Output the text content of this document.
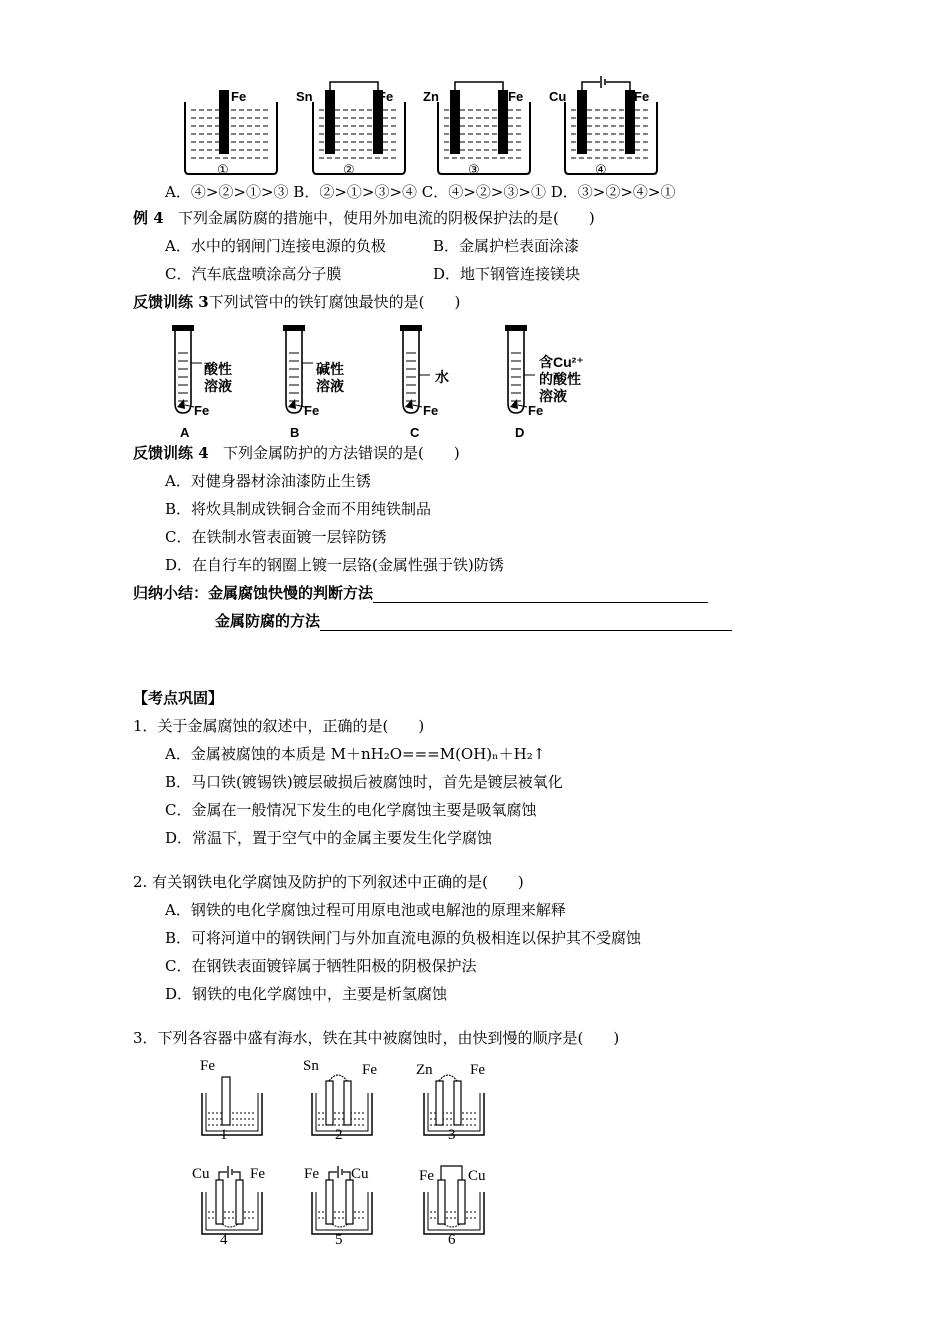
Fe	Sn	Fe Zn	Fe Cu	Fe
①	②	③	④
A．④>②>①>③ B．②>①>③>④ C．④>②>③>① D．③>②>④>①
例 4 下列金属防腐的措施中，使用外加电流的阴极保护法的是(　　)
A．水中的钢闸门连接电源的负极	B．金属护栏表面涂漆
C．汽车底盘喷涂高分子膜	D．地下钢管连接镁块
反馈训练 3下列试管中的铁钉腐蚀最快的是(　　)
酸性
溶液
Fe
A
碱性
溶液
Fe
B
水
Fe
C
含Cu²⁺
的酸性
溶液
Fe
D
反馈训练 4 下列金属防护的方法错误的是(　　)
A．对健身器材涂油漆防止生锈
B．将炊具制成铁铜合金而不用纯铁制品
C．在铁制水管表面镀一层锌防锈
D．在自行车的钢圈上镀一层铬(金属性强于铁)防锈
归纳小结：金属腐蚀快慢的判断方法
金属防腐的方法
【考点巩固】
1．关于金属腐蚀的叙述中，正确的是(　　)
A．金属被腐蚀的本质是 M＋nH₂O===M(OH)ₙ＋H₂↑
B．马口铁(镀锡铁)镀层破损后被腐蚀时，首先是镀层被氧化
C．金属在一般情况下发生的电化学腐蚀主要是吸氧腐蚀
D．常温下，置于空气中的金属主要发生化学腐蚀
2. 有关钢铁电化学腐蚀及防护的下列叙述中正确的是(　　)
A．钢铁的电化学腐蚀过程可用原电池或电解池的原理来解释
B．可将河道中的钢铁闸门与外加直流电源的负极相连以保护其不受腐蚀
C．在钢铁表面镀锌属于牺牲阳极的阴极保护法
D．钢铁的电化学腐蚀中，主要是析氢腐蚀
3．下列各容器中盛有海水，铁在其中被腐蚀时，由快到慢的顺序是(　　)
Fe
1
Sn	Fe
2
Zn Fe
3
Cu	Fe
4
Fe Cu
5
Fe Cu
6
